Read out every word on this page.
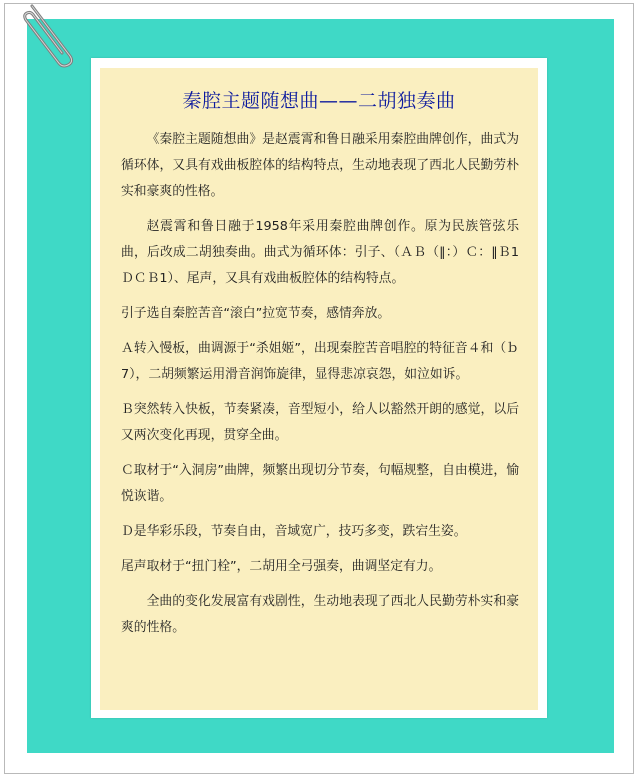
秦腔主题随想曲——二胡独奏曲

《秦腔主题随想曲》是赵震霄和鲁日融采用秦腔曲牌创作，曲式为循环体，又具有戏曲板腔体的结构特点，生动地表现了西北人民勤劳朴实和豪爽的性格。

赵震霄和鲁日融于1958年采用秦腔曲牌创作。原为民族管弦乐曲，后改成二胡独奏曲。曲式为循环体：引子、（ＡＢ（‖：）Ｃ：‖Ｂ1ＤＣＢ1）、尾声，又具有戏曲板腔体的结构特点。

引子选自秦腔苦音“滚白”拉宽节奏，感情奔放。

Ａ转入慢板，曲调源于“杀姐姬”，出现秦腔苦音唱腔的特征音４和（ｂ7），二胡频繁运用滑音润饰旋律，显得悲凉哀怨，如泣如诉。

Ｂ突然转入快板，节奏紧凑，音型短小，给人以豁然开朗的感觉，以后又两次变化再现，贯穿全曲。

Ｃ取材于“入洞房”曲牌，频繁出现切分节奏，句幅规整，自由模进，愉悦诙谐。

Ｄ是华彩乐段，节奏自由，音域宽广，技巧多变，跌宕生姿。

尾声取材于“扭门栓”，二胡用全弓强奏，曲调坚定有力。

全曲的变化发展富有戏剧性，生动地表现了西北人民勤劳朴实和豪爽的性格。
